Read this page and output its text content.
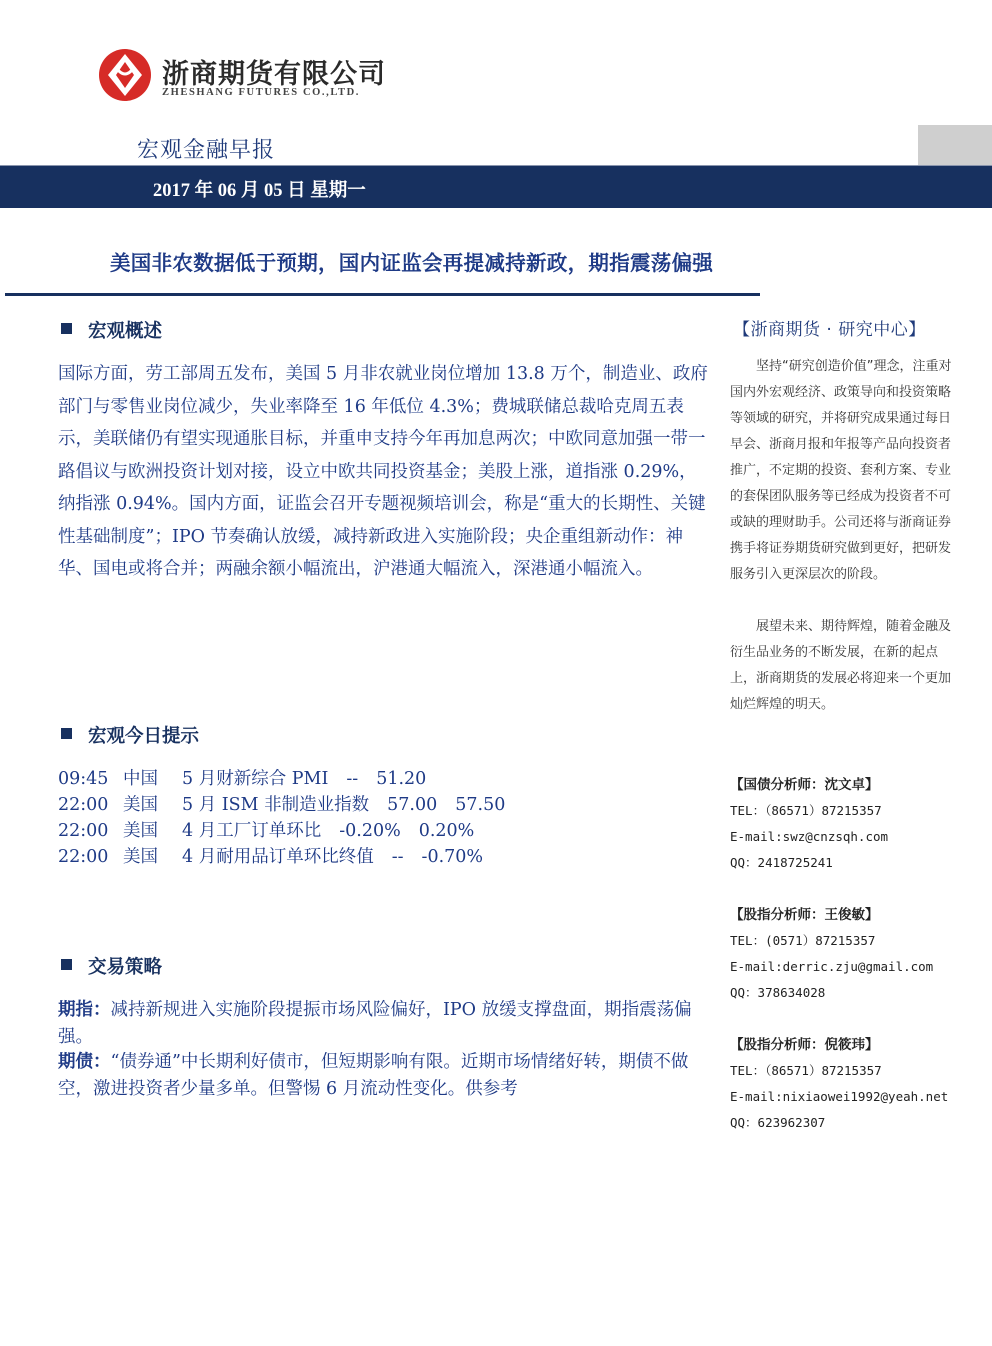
浙商期货有限公司
ZHESHANG FUTURES CO.,LTD.
宏观金融早报
2017 年 06 月 05 日 星期一
美国非农数据低于预期，国内证监会再提减持新政，期指震荡偏强
宏观概述
国际方面，劳工部周五发布，美国 5 月非农就业岗位增加 13.8 万个，制造业、政府部门与零售业岗位减少，失业率降至 16 年低位 4.3%；费城联储总裁哈克周五表示，美联储仍有望实现通胀目标，并重申支持今年再加息两次；中欧同意加强一带一路倡议与欧洲投资计划对接，设立中欧共同投资基金；美股上涨，道指涨 0.29%，纳指涨 0.94%。国内方面，证监会召开专题视频培训会，称是“重大的长期性、关键性基础制度”；IPO 节奏确认放缓，减持新政进入实施阶段；央企重组新动作：神华、国电或将合并；两融余额小幅流出，沪港通大幅流入，深港通小幅流入。
宏观今日提示
09:45 中国	5 月财新综合 PMI -- 51.20
22:00 美国	5 月 ISM 非制造业指数 57.00 57.50
22:00 美国	4 月工厂订单环比 -0.20% 0.20%
22:00 美国	4 月耐用品订单环比终值 -- -0.70%
交易策略
期指：减持新规进入实施阶段提振市场风险偏好，IPO 放缓支撑盘面，期指震荡偏强。
期债：“债券通”中长期利好债市，但短期影响有限。近期市场情绪好转，期债不做空，激进投资者少量多单。但警惕 6 月流动性变化。供参考
【浙商期货 · 研究中心】
坚持“研究创造价值”理念，注重对国内外宏观经济、政策导向和投资策略等领域的研究，并将研究成果通过每日早会、浙商月报和年报等产品向投资者推广，不定期的投资、套利方案、专业的套保团队服务等已经成为投资者不可或缺的理财助手。公司还将与浙商证券携手将证券期货研究做到更好，把研发服务引入更深层次的阶段。
展望未来、期待辉煌，随着金融及衍生品业务的不断发展，在新的起点上，浙商期货的发展必将迎来一个更加灿烂辉煌的明天。
【国债分析师：沈文卓】
TEL：（86571）87215357
E-mail:swz@cnzsqh.com
QQ：2418725241
【股指分析师：王俊敏】
TEL：(0571）87215357
E-mail:derric.zju@gmail.com
QQ：378634028
【股指分析师：倪筱玮】
TEL：（86571）87215357
E-mail:nixiaowei1992@yeah.net
QQ：623962307
